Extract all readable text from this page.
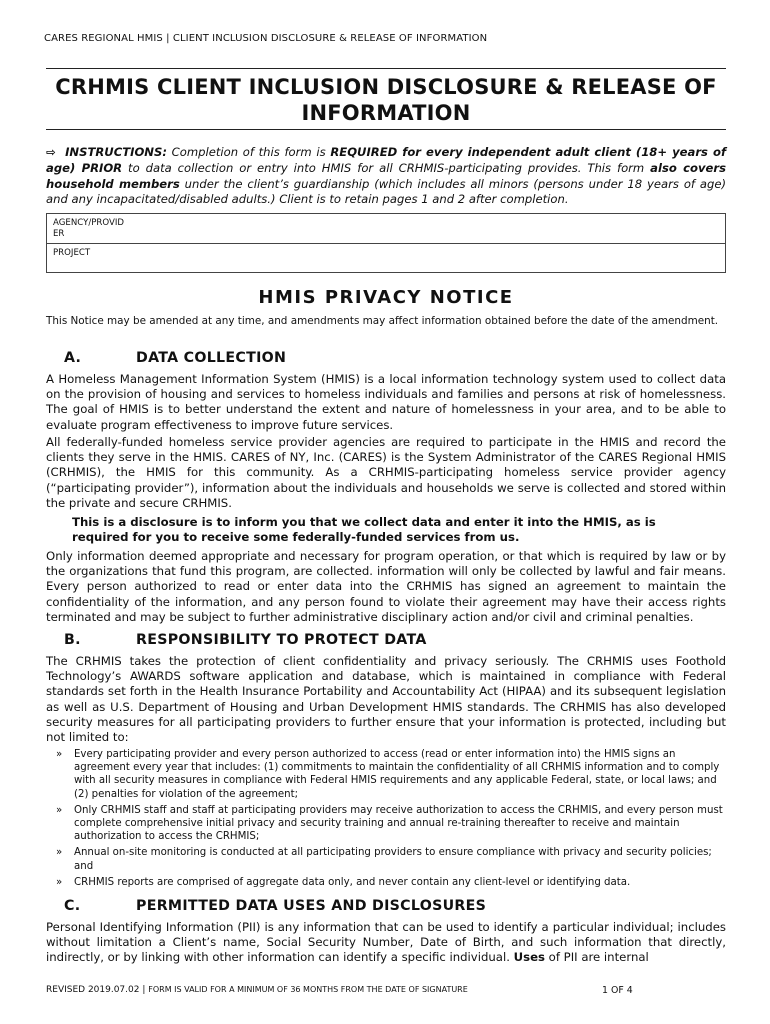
CARES REGIONAL HMIS | CLIENT INCLUSION DISCLOSURE & RELEASE OF INFORMATION
CRHMIS CLIENT INCLUSION DISCLOSURE & RELEASE OF INFORMATION
⇨ INSTRUCTIONS: Completion of this form is REQUIRED for every independent adult client (18+ years of age) PRIOR to data collection or entry into HMIS for all CRHMIS-participating provides. This form also covers household members under the client’s guardianship (which includes all minors (persons under 18 years of age) and any incapacitated/disabled adults.) Client is to retain pages 1 and 2 after completion.
AGENCY/PROVIDER
PROJECT
HMIS PRIVACY NOTICE
This Notice may be amended at any time, and amendments may affect information obtained before the date of the amendment.
A.	DATA COLLECTION
A Homeless Management Information System (HMIS) is a local information technology system used to collect data on the provision of housing and services to homeless individuals and families and persons at risk of homelessness. The goal of HMIS is to better understand the extent and nature of homelessness in your area, and to be able to evaluate program effectiveness to improve future services.
All federally-funded homeless service provider agencies are required to participate in the HMIS and record the clients they serve in the HMIS. CARES of NY, Inc. (CARES) is the System Administrator of the CARES Regional HMIS (CRHMIS), the HMIS for this community. As a CRHMIS-participating homeless service provider agency (“participating provider”), information about the individuals and households we serve is collected and stored within the private and secure CRHMIS.
This is a disclosure is to inform you that we collect data and enter it into the HMIS, as is required for you to receive some federally-funded services from us.
Only information deemed appropriate and necessary for program operation, or that which is required by law or by the organizations that fund this program, are collected. information will only be collected by lawful and fair means. Every person authorized to read or enter data into the CRHMIS has signed an agreement to maintain the confidentiality of the information, and any person found to violate their agreement may have their access rights terminated and may be subject to further administrative disciplinary action and/or civil and criminal penalties.
B.	RESPONSIBILITY TO PROTECT DATA
The CRHMIS takes the protection of client confidentiality and privacy seriously. The CRHMIS uses Foothold Technology’s AWARDS software application and database, which is maintained in compliance with Federal standards set forth in the Health Insurance Portability and Accountability Act (HIPAA) and its subsequent legislation as well as U.S. Department of Housing and Urban Development HMIS standards. The CRHMIS has also developed security measures for all participating providers to further ensure that your information is protected, including but not limited to:
» Every participating provider and every person authorized to access (read or enter information into) the HMIS signs an agreement every year that includes: (1) commitments to maintain the confidentiality of all CRHMIS information and to comply with all security measures in compliance with Federal HMIS requirements and any applicable Federal, state, or local laws; and (2) penalties for violation of the agreement;
» Only CRHMIS staff and staff at participating providers may receive authorization to access the CRHMIS, and every person must complete comprehensive initial privacy and security training and annual re-training thereafter to receive and maintain authorization to access the CRHMIS;
» Annual on-site monitoring is conducted at all participating providers to ensure compliance with privacy and security policies; and
» CRHMIS reports are comprised of aggregate data only, and never contain any client-level or identifying data.
C.	PERMITTED DATA USES AND DISCLOSURES
Personal Identifying Information (PII) is any information that can be used to identify a particular individual; includes without limitation a Client’s name, Social Security Number, Date of Birth, and such information that directly, indirectly, or by linking with other information can identify a specific individual. Uses of PII are internal
REVISED 2019.07.02 | FORM IS VALID FOR A MINIMUM OF 36 MONTHS FROM THE DATE OF SIGNATURE	1 OF 4
